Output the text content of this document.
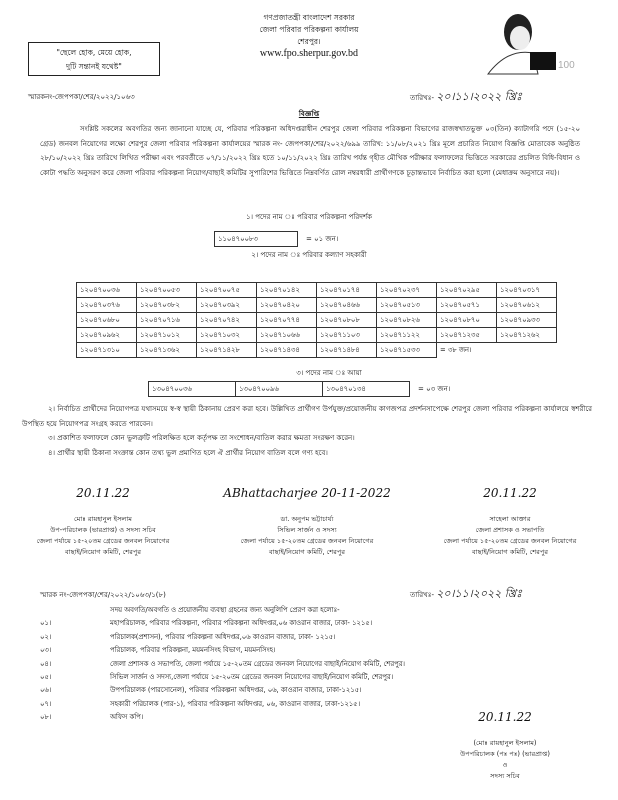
গণপ্রজাতন্ত্রী বাংলাদেশ সরকার
জেলা পরিবার পরিকল্পনা কার্যালয়
শেরপুর।
www.fpo.sherpur.gov.bd
"ছেলে হোক, মেয়ে হোক,
দুটি সন্তানই যথেষ্ট"	100
স্মারকনং-জেপপকা/শের/২০২২/১০৬৩	তারিখঃ- ২০।১১।২০২২ খ্রিঃ
বিজ্ঞপ্তি
সংশ্লিষ্ট সকলের অবগতির জন্য জানানো যাচ্ছে যে, পরিবার পরিকল্পনা অধিদপ্তরাধীন শেরপুর জেলা পরিবার পরিকল্পনা বিভাগের রাজস্বখাতভুক্ত ০৩(তিন) ক্যাটাগরি পদে (১৫-২০ গ্রেড) জনবল নিয়োগের লক্ষ্যে শেরপুর জেলা পরিবার পরিকল্পনা কার্যালয়ের স্মারক নং- জেপপকা/শের/২০২২/৬৯৯ তারিখ: ১১/০৮/২০২১ খ্রিঃ মূলে প্রচারিত নিয়োগ বিজ্ঞপ্তি মোতাবেক অনুষ্ঠিত ২৮/১০/২০২২ খ্রিঃ তারিখে লিখিত পরীক্ষা এবং পরবর্তীতে ০৭/১১/২০২২ খ্রিঃ হতে ১০/১১/২০২২ খ্রিঃ তারিখ পর্যন্ত গৃহীত মৌখিক পরীক্ষার ফলাফলের ভিত্তিতে সরকারের প্রচলিত বিধি-বিধান ও কোটা পদ্ধতি অনুসরণ করে জেলা পরিবার পরিকল্পনা নিয়োগ/বাছাই কমিটির সুপারিশের ভিত্তিতে নিম্নবর্ণিত রোল নম্বরধারী প্রার্থীগণকে চূড়ান্তভাবে নির্বাচিত করা হলো (মেধাক্রম অনুসারে নয়)।
১। পদের নাম ঃ পরিবার পরিকল্পনা পরিদর্শক
১১০৪৭০০৮৩	= ০১ জন।
২। পদের নাম ঃ পরিবার কল্যাণ সহকারী
১২০৪৭০০৩৬	১২০৪৭০০৫৩	১২০৪৭০০৭৫	১২০৪৭০১৪২	১২০৪৭০১৭৪	১২০৪৭০২৩৭	১২০৪৭০২৯৫	১২০৪৭০৩১৭
১২০৪৭০৩৭৬	১২০৪৭০৩৮২	১২০৪৭০৩৯২	১২০৪৭০৪২০	১২০৪৭০৪৬৬	১২০৪৭০৫১৩	১২০৪৭০৫৭১	১২০৪৭০৬১২
১২০৪৭০৬৮০	১২০৪৭০৭১৬	১২০৪৭০৭৪২	১২০৪৭০৭৭৪	১২০৪৭০৮০৮	১২০৪৭০৮২৬	১২০৪৭০৮৭০	১২০৪৭০৯৩৩
১২০৪৭০৯৬২	১২০৪৭১০১২	১২০৪৭১০৩২	১২০৪৭১০৬৬	১২০৪৭১১০৩	১২০৪৭১১২২	১২০৪৭১২৩৫	১২০৪৭১২৬২
১২০৪৭১৩১০	১২০৪৭১৩৬২	১২০৪৭১৪২৮	১২০৪৭১৪৩৪	১২০৪৭১৪৮৪	১২০৪৭১৫৩৩	= ৩৮ জন।	
৩। পদের নাম ঃ আয়া
১৩০৪৭০০৩৬	১৩০৪৭০০৯৬	১৩০৪৭০১৩৪	= ০৩ জন।
২। নির্বাচিত প্রার্থীদের নিয়োগপত্র যথাসময়ে স্ব-স্ব স্থায়ী ঠিকানায় প্রেরণ করা হবে। উল্লিখিত প্রার্থীগণ উর্পযুক্ত/প্রয়োজনীয় কাগজপত্র প্রদর্শনসাপেক্ষে শেরপুর জেলা পরিবার পরিকল্পনা কার্যালয়ে স্বশরীরে উপস্থিত হয়ে নিয়োগপত্র সংগ্রহ করতে পারবেন।
৩। প্রকাশিত ফলাফলে কোন ভুলত্রুটি পরিলক্ষিত হলে কর্তৃপক্ষ তা সংশোধন/বাতিল করার ক্ষমতা সংরক্ষণ করেন।
৪। প্রার্থীর স্থায়ী ঠিকানা সংক্রান্ত কোন তথ্য ভুল প্রমাণিত হলে ঐ প্রার্থীর নিয়োগ বাতিল বলে গণ্য হবে।
20.11.22
মোঃ রায়হানুল ইসলাম
উপ-পরিচালক (ভারপ্রাপ্ত) ও সদস্য সচিব
জেলা পর্যায়ে ১৫-২০তম গ্রেডের জনবল নিয়োগের
বাছাই/নিয়োগ কমিটি, শেরপুর
ABhattacharjee 20-11-2022
ডা. অনুপম ভট্টাচার্য্য
সিভিল সার্জন ও সদস্য
জেলা পর্যায়ে ১৫-২০তম গ্রেডের জনবল নিয়োগের
বাছাই/নিয়োগ কমিটি, শেরপুর
20.11.22
সাহেলা আক্তার
জেলা প্রশাসক ও সভাপতি
জেলা পর্যায়ে ১৫-২০তম গ্রেডের জনবল নিয়োগের
বাছাই/নিয়োগ কমিটি, শেরপুর
স্মারক নং-জেপপকা/শের/২০২২/১০৬৩/১(৮)	তারিখঃ- ২০।১১।২০২২ খ্রিঃ
সদয় অবগতি/অবগতি ও প্রয়োজনীয় ব্যবস্থা গ্রহনের জন্য অনুলিপি প্রেরণ করা হলোঃ-
০১।	মহাপরিচালক, পরিবার পরিকল্পনা, পরিবার পরিকল্পনা অধিদপ্তর,০৬ কাওরান বাজার, ঢাকা- ১২১৫।
০২।	পরিচালক(প্রশাসন), পরিবার পরিকল্পনা অধিদপ্তর,০৬ কাওরান বাজার, ঢাকা- ১২১৫।
০৩।	পরিচালক, পরিবার পরিকল্পনা, ময়মনসিংহ বিভাগ, ময়মনসিংহ।
০৪।	জেলা প্রশাসক ও সভাপতি, জেলা পর্যায়ে ১৫-২০তম গ্রেডের জনবল নিয়োগের বাছাই/নিয়োগ কমিটি, শেরপুর।
০৫।	সিভিল সার্জন ও সদস্য,জেলা পর্যায়ে ১৫-২০তম গ্রেডের জনবল নিয়োগের বাছাই/নিয়োগ কমিটি, শেরপুর।
০৬।	উপপরিচালক (পারসোনেল), পরিবার পরিকল্পনা অধিদপ্তর, ০৬, কাওরান বাজার, ঢাকা-১২১৫।
০৭।	সহকারী পরিচালক (পার-১), পরিবার পরিকল্পনা অধিদপ্তর, ০৬, কাওরান বাজার, ঢাকা-১২১৫।
০৮।	অফিস কপি।	20.11.22
(মোঃ রায়হানুল ইসলাম)
উপপরিচালক (পঃ পঃ) (ভারপ্রাপ্ত)
ও
সদস্য সচিব
